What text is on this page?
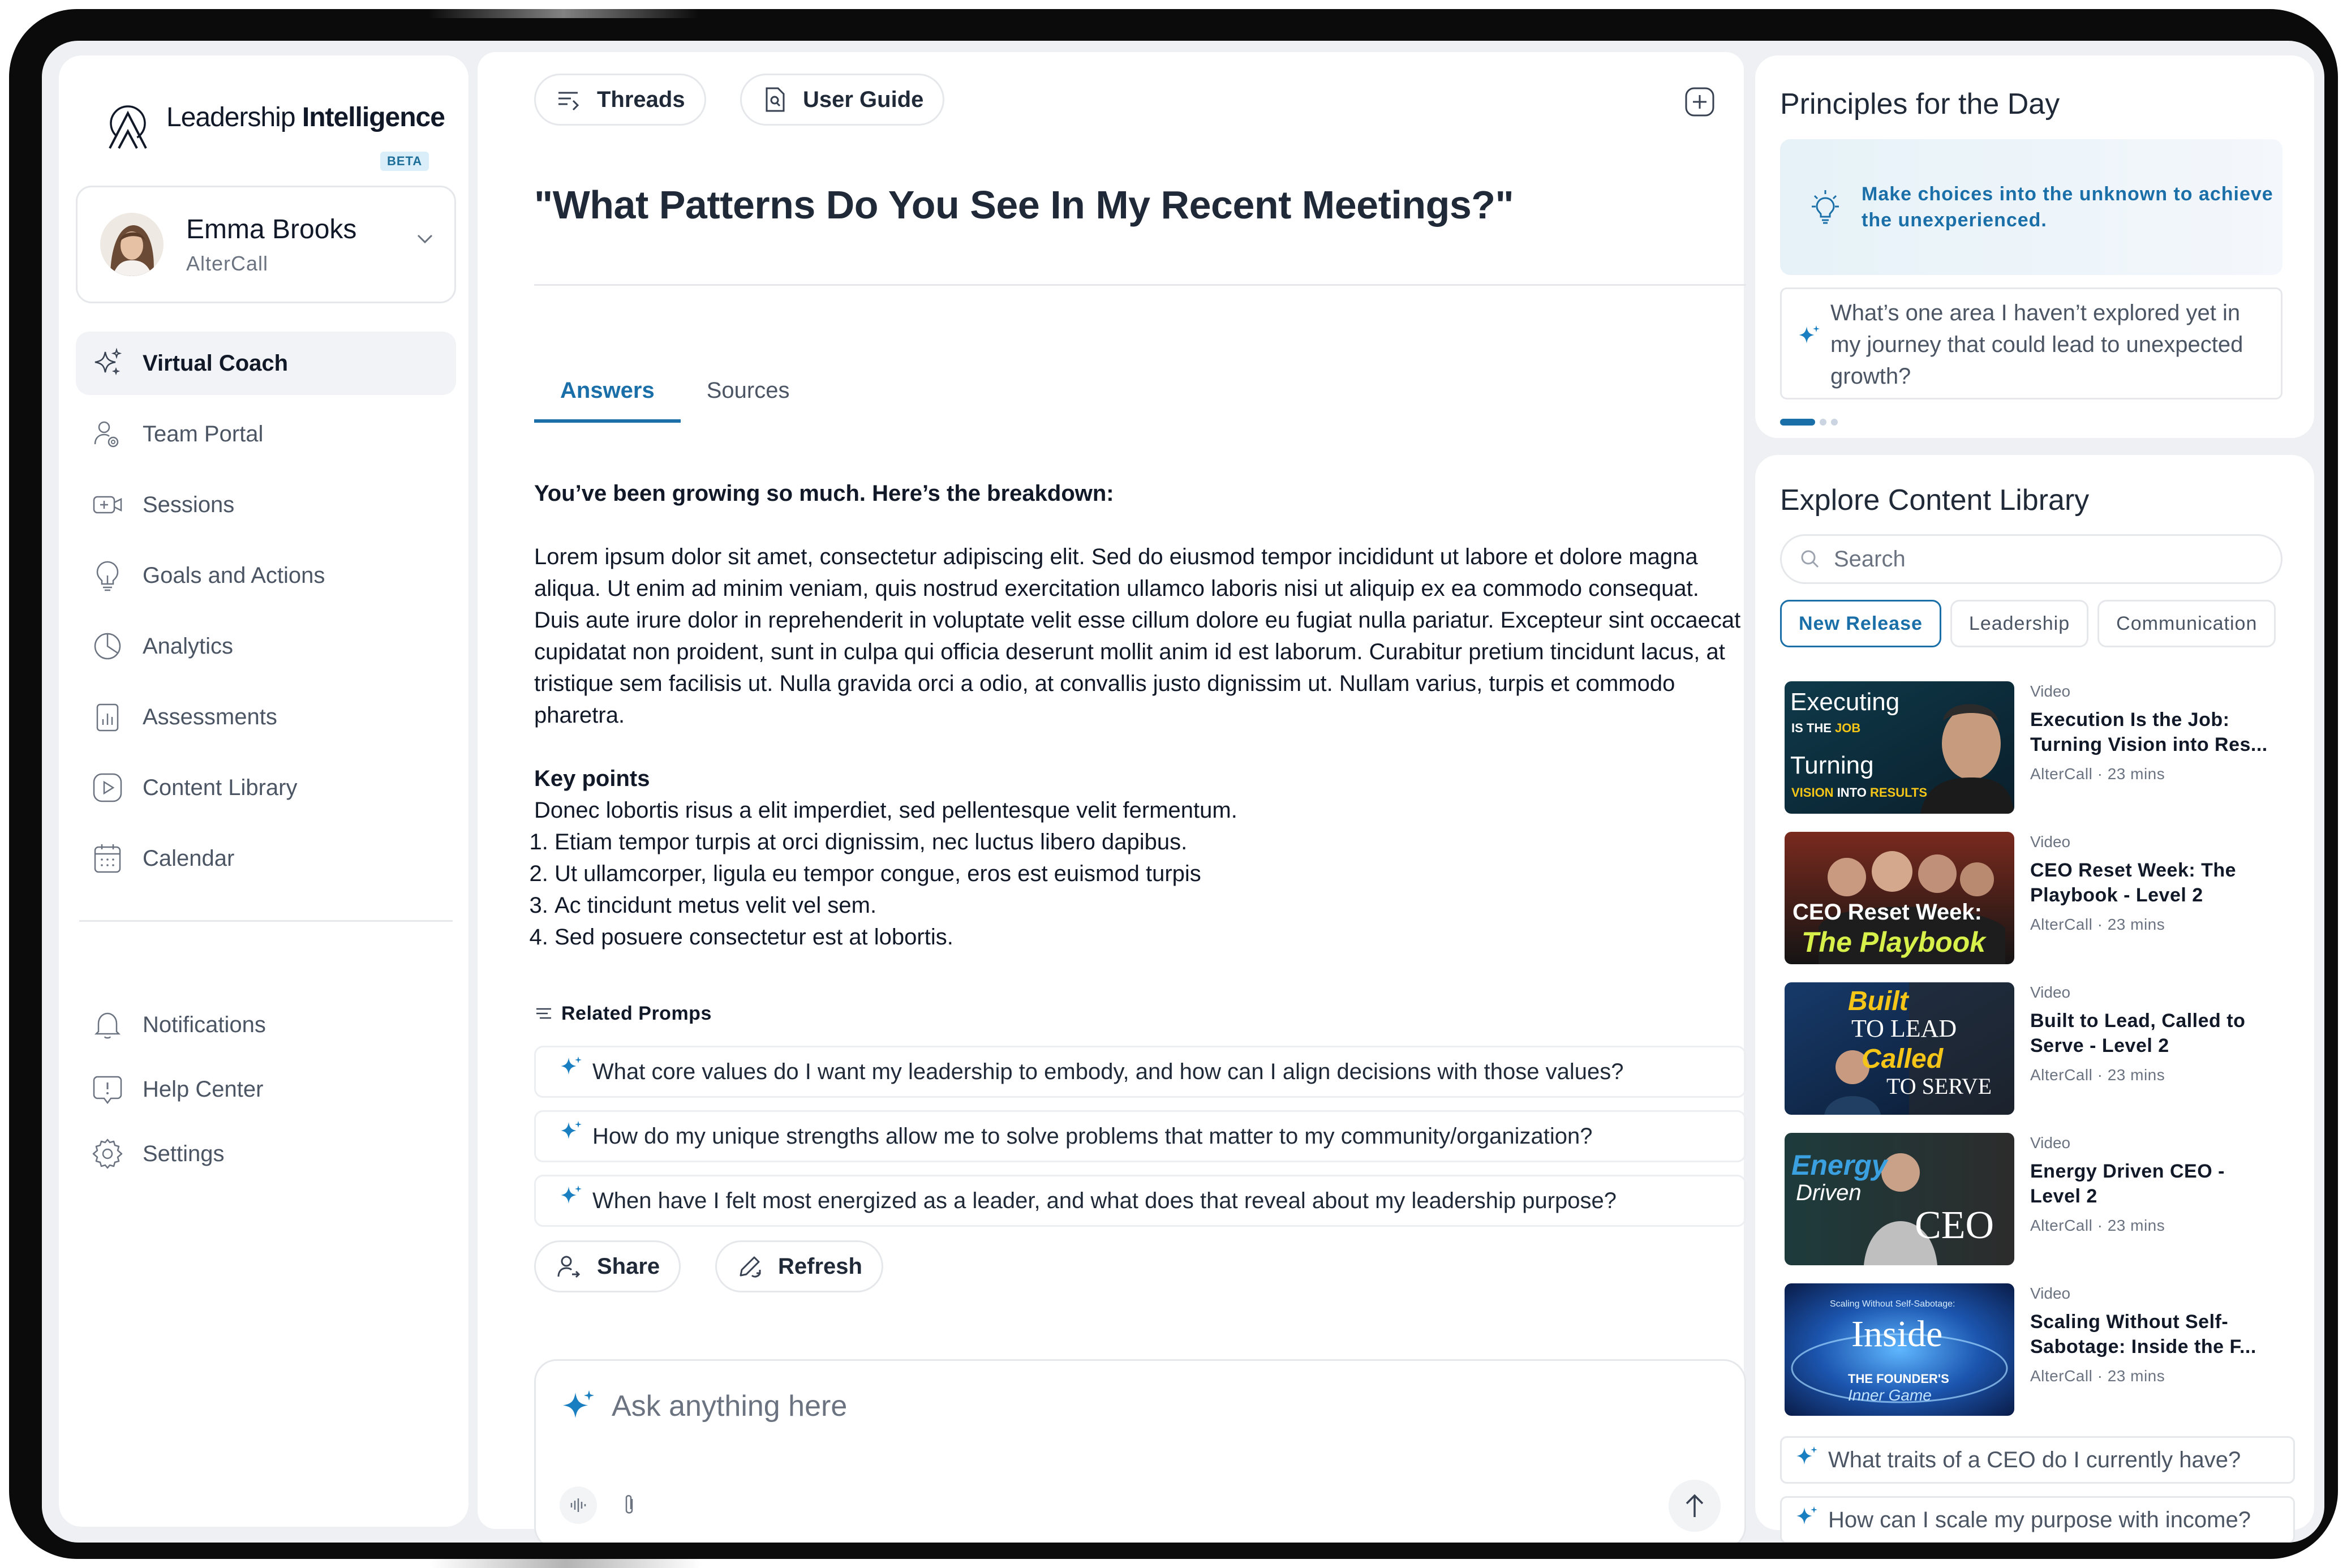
Leadership Intelligence
BETA
Emma Brooks
AlterCall
Virtual Coach
Team Portal
Sessions
Goals and Actions
Analytics
Assessments
Content Library
Calendar
Notifications
Help Center
Settings
Threads	User Guide
"What Patterns Do You See In My Recent Meetings?"
Answers	Sources
You’ve been growing so much. Here’s the breakdown:
Lorem ipsum dolor sit amet, consectetur adipiscing elit. Sed do eiusmod tempor incididunt ut labore et dolore magna aliqua. Ut enim ad minim veniam, quis nostrud exercitation ullamco laboris nisi ut aliquip ex ea commodo consequat. Duis aute irure dolor in reprehenderit in voluptate velit esse cillum dolore eu fugiat nulla pariatur. Excepteur sint occaecat cupidatat non proident, sunt in culpa qui officia deserunt mollit anim id est laborum. Curabitur pretium tincidunt lacus, at tristique sem facilisis ut. Nulla gravida orci a odio, at convallis justo dignissim ut. Nullam varius, turpis et commodo pharetra.
Key points
Donec lobortis risus a elit imperdiet, sed pellentesque velit fermentum.
1. Etiam tempor turpis at orci dignissim, nec luctus libero dapibus.
2. Ut ullamcorper, ligula eu tempor congue, eros est euismod turpis
3. Ac tincidunt metus velit vel sem.
4. Sed posuere consectetur est at lobortis.
Related Promps
What core values do I want my leadership to embody, and how can I align decisions with those values?
How do my unique strengths allow me to solve problems that matter to my community/organization?
When have I felt most energized as a leader, and what does that reveal about my leadership purpose?
Share	Refresh
Ask anything here
Principles for the Day
Make choices into the unknown to achieve the unexperienced.
What’s one area I haven’t explored yet in my journey that could lead to unexpected growth?
Explore Content Library
Search
New Release	Leadership	Communication
Executing
IS THE JOB
Turning
VISION INTO RESULTS
Video
Execution Is the Job:
Turning Vision into Res...
AlterCall · 23 mins
CEO Reset Week:
The Playbook
Video
CEO Reset Week: The
Playbook - Level 2
AlterCall · 23 mins
Built
TO LEAD
Called
TO SERVE
Video
Built to Lead, Called to
Serve - Level 2
AlterCall · 23 mins
Energy
Driven
CEO
Video
Energy Driven CEO -
Level 2
AlterCall · 23 mins
Scaling Without Self-Sabotage:
Inside
THE FOUNDER'S
Inner Game
Video
Scaling Without Self-
Sabotage: Inside the F...
AlterCall · 23 mins
What traits of a CEO do I currently have?
How can I scale my purpose with income?
